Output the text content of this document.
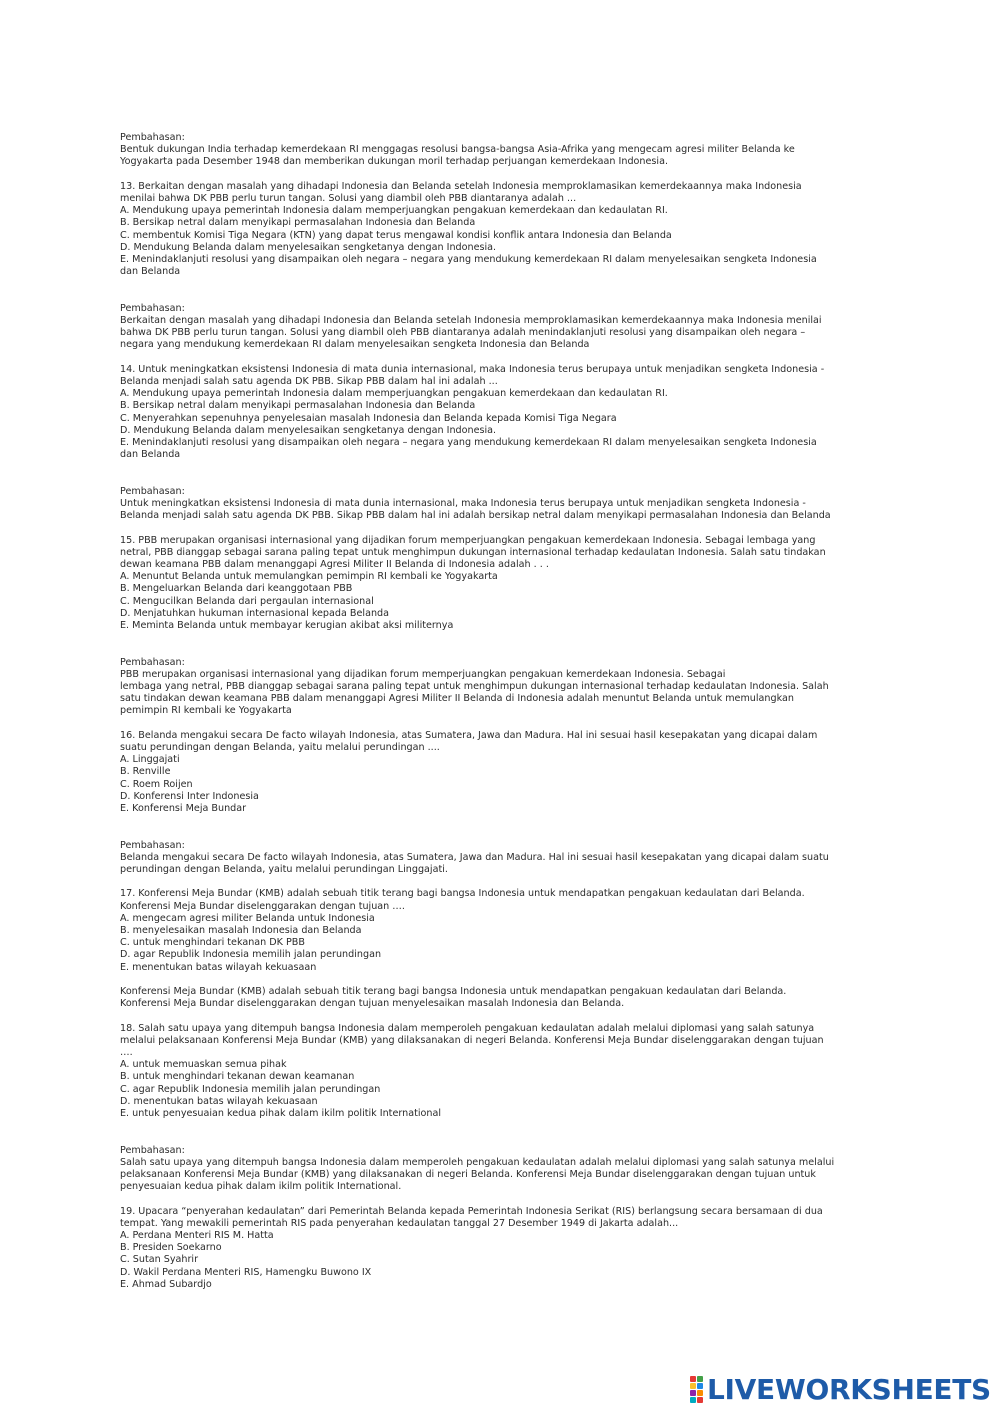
Pembahasan:
Bentuk dukungan India terhadap kemerdekaan RI menggagas resolusi bangsa-bangsa Asia-Afrika yang mengecam agresi militer Belanda ke
Yogyakarta pada Desember 1948 dan memberikan dukungan moril terhadap perjuangan kemerdekaan Indonesia.
13. Berkaitan dengan masalah yang dihadapi Indonesia dan Belanda setelah Indonesia memproklamasikan kemerdekaannya maka Indonesia
menilai bahwa DK PBB perlu turun tangan. Solusi yang diambil oleh PBB diantaranya adalah ...
A. Mendukung upaya pemerintah Indonesia dalam memperjuangkan pengakuan kemerdekaan dan kedaulatan RI.
B. Bersikap netral dalam menyikapi permasalahan Indonesia dan Belanda
C. membentuk Komisi Tiga Negara (KTN) yang dapat terus mengawal kondisi konflik antara Indonesia dan Belanda
D. Mendukung Belanda dalam menyelesaikan sengketanya dengan Indonesia.
E. Menindaklanjuti resolusi yang disampaikan oleh negara – negara yang mendukung kemerdekaan RI dalam menyelesaikan sengketa Indonesia
dan Belanda
Pembahasan:
Berkaitan dengan masalah yang dihadapi Indonesia dan Belanda setelah Indonesia memproklamasikan kemerdekaannya maka Indonesia menilai
bahwa DK PBB perlu turun tangan. Solusi yang diambil oleh PBB diantaranya adalah menindaklanjuti resolusi yang disampaikan oleh negara –
negara yang mendukung kemerdekaan RI dalam menyelesaikan sengketa Indonesia dan Belanda
14. Untuk meningkatkan eksistensi Indonesia di mata dunia internasional, maka Indonesia terus berupaya untuk menjadikan sengketa Indonesia -
Belanda menjadi salah satu agenda DK PBB. Sikap PBB dalam hal ini adalah ...
A. Mendukung upaya pemerintah Indonesia dalam memperjuangkan pengakuan kemerdekaan dan kedaulatan RI.
B. Bersikap netral dalam menyikapi permasalahan Indonesia dan Belanda
C. Menyerahkan sepenuhnya penyelesaian masalah Indonesia dan Belanda kepada Komisi Tiga Negara
D. Mendukung Belanda dalam menyelesaikan sengketanya dengan Indonesia.
E. Menindaklanjuti resolusi yang disampaikan oleh negara – negara yang mendukung kemerdekaan RI dalam menyelesaikan sengketa Indonesia
dan Belanda
Pembahasan:
Untuk meningkatkan eksistensi Indonesia di mata dunia internasional, maka Indonesia terus berupaya untuk menjadikan sengketa Indonesia -
Belanda menjadi salah satu agenda DK PBB. Sikap PBB dalam hal ini adalah bersikap netral dalam menyikapi permasalahan Indonesia dan Belanda
15. PBB merupakan organisasi internasional yang dijadikan forum memperjuangkan pengakuan kemerdekaan Indonesia. Sebagai lembaga yang
netral, PBB dianggap sebagai sarana paling tepat untuk menghimpun dukungan internasional terhadap kedaulatan Indonesia. Salah satu tindakan
dewan keamana PBB dalam menanggapi Agresi Militer II Belanda di Indonesia adalah . . .
A. Menuntut Belanda untuk memulangkan pemimpin RI kembali ke Yogyakarta
B. Mengeluarkan Belanda dari keanggotaan PBB
C. Mengucilkan Belanda dari pergaulan internasional
D. Menjatuhkan hukuman internasional kepada Belanda
E. Meminta Belanda untuk membayar kerugian akibat aksi militernya
Pembahasan:
PBB merupakan organisasi internasional yang dijadikan forum memperjuangkan pengakuan kemerdekaan Indonesia. Sebagai
lembaga yang netral, PBB dianggap sebagai sarana paling tepat untuk menghimpun dukungan internasional terhadap kedaulatan Indonesia. Salah
satu tindakan dewan keamana PBB dalam menanggapi Agresi Militer II Belanda di Indonesia adalah menuntut Belanda untuk memulangkan
pemimpin RI kembali ke Yogyakarta
16. Belanda mengakui secara De facto wilayah Indonesia, atas Sumatera, Jawa dan Madura. Hal ini sesuai hasil kesepakatan yang dicapai dalam
suatu perundingan dengan Belanda, yaitu melalui perundingan ....
A. Linggajati
B. Renville
C. Roem Roijen
D. Konferensi Inter Indonesia
E. Konferensi Meja Bundar
Pembahasan:
Belanda mengakui secara De facto wilayah Indonesia, atas Sumatera, Jawa dan Madura. Hal ini sesuai hasil kesepakatan yang dicapai dalam suatu
perundingan dengan Belanda, yaitu melalui perundingan Linggajati.
17. Konferensi Meja Bundar (KMB) adalah sebuah titik terang bagi bangsa Indonesia untuk mendapatkan pengakuan kedaulatan dari Belanda.
Konferensi Meja Bundar diselenggarakan dengan tujuan ….
A. mengecam agresi militer Belanda untuk Indonesia
B. menyelesaikan masalah Indonesia dan Belanda
C. untuk menghindari tekanan DK PBB
D. agar Republik Indonesia memilih jalan perundingan
E. menentukan batas wilayah kekuasaan
Konferensi Meja Bundar (KMB) adalah sebuah titik terang bagi bangsa Indonesia untuk mendapatkan pengakuan kedaulatan dari Belanda.
Konferensi Meja Bundar diselenggarakan dengan tujuan menyelesaikan masalah Indonesia dan Belanda.
18. Salah satu upaya yang ditempuh bangsa Indonesia dalam memperoleh pengakuan kedaulatan adalah melalui diplomasi yang salah satunya
melalui pelaksanaan Konferensi Meja Bundar (KMB) yang dilaksanakan di negeri Belanda. Konferensi Meja Bundar diselenggarakan dengan tujuan
….
A. untuk memuaskan semua pihak
B. untuk menghindari tekanan dewan keamanan
C. agar Republik Indonesia memilih jalan perundingan
D. menentukan batas wilayah kekuasaan
E. untuk penyesuaian kedua pihak dalam ikilm politik International
Pembahasan:
Salah satu upaya yang ditempuh bangsa Indonesia dalam memperoleh pengakuan kedaulatan adalah melalui diplomasi yang salah satunya melalui
pelaksanaan Konferensi Meja Bundar (KMB) yang dilaksanakan di negeri Belanda. Konferensi Meja Bundar diselenggarakan dengan tujuan untuk
penyesuaian kedua pihak dalam ikilm politik International.
19. Upacara “penyerahan kedaulatan” dari Pemerintah Belanda kepada Pemerintah Indonesia Serikat (RIS) berlangsung secara bersamaan di dua
tempat. Yang mewakili pemerintah RIS pada penyerahan kedaulatan tanggal 27 Desember 1949 di Jakarta adalah...
A. Perdana Menteri RIS M. Hatta
B. Presiden Soekarno
C. Sutan Syahrir
D. Wakil Perdana Menteri RIS, Hamengku Buwono IX
E. Ahmad Subardjo
LIVEWORKSHEETS
